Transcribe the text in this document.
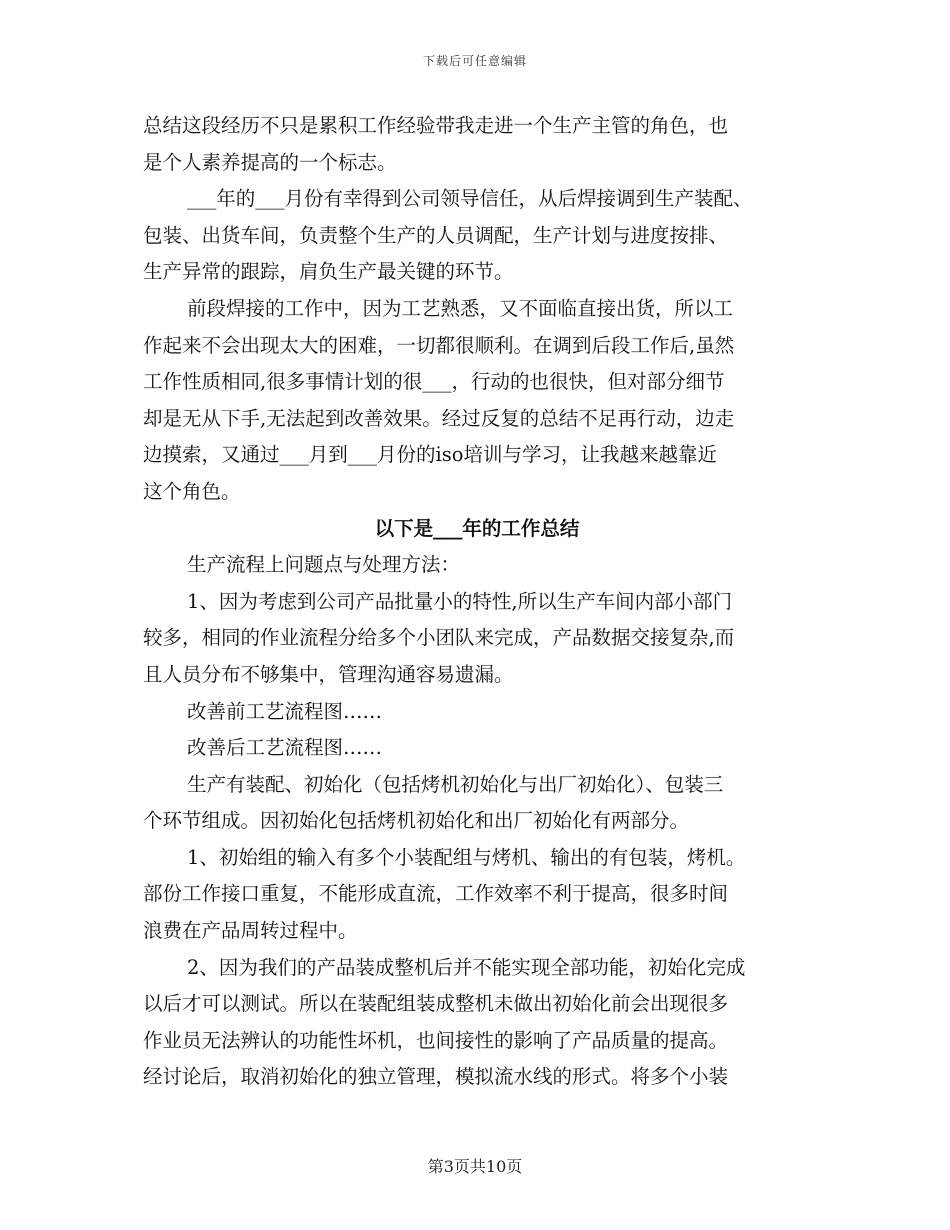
下载后可任意编辑
总结这段经历不只是累积工作经验带我走进一个生产主管的角色，也
是个人素养提高的一个标志。
___年的___月份有幸得到公司领导信任，从后焊接调到生产装配、
包装、出货车间，负责整个生产的人员调配，生产计划与进度按排、
生产异常的跟踪，肩负生产最关键的环节。
前段焊接的工作中，因为工艺熟悉，又不面临直接出货，所以工
作起来不会出现太大的困难，一切都很顺利。在调到后段工作后,虽然
工作性质相同,很多事情计划的很___，行动的也很快，但对部分细节
却是无从下手,无法起到改善效果。经过反复的总结不足再行动，边走
边摸索，又通过___月到___月份的iso培训与学习，让我越来越靠近
这个角色。
以下是___年的工作总结
生产流程上问题点与处理方法：
1、因为考虑到公司产品批量小的特性,所以生产车间内部小部门
较多，相同的作业流程分给多个小团队来完成，产品数据交接复杂,而
且人员分布不够集中，管理沟通容易遗漏。
改善前工艺流程图……
改善后工艺流程图……
生产有装配、初始化（包括烤机初始化与出厂初始化）、包装三
个环节组成。因初始化包括烤机初始化和出厂初始化有两部分。
1、初始组的输入有多个小装配组与烤机、输出的有包装，烤机。
部份工作接口重复，不能形成直流，工作效率不利于提高，很多时间
浪费在产品周转过程中。
2、因为我们的产品装成整机后并不能实现全部功能，初始化完成
以后才可以测试。所以在装配组装成整机未做出初始化前会出现很多
作业员无法辨认的功能性坏机，也间接性的影响了产品质量的提高。
经讨论后，取消初始化的独立管理，模拟流水线的形式。将多个小装
第3页共10页
